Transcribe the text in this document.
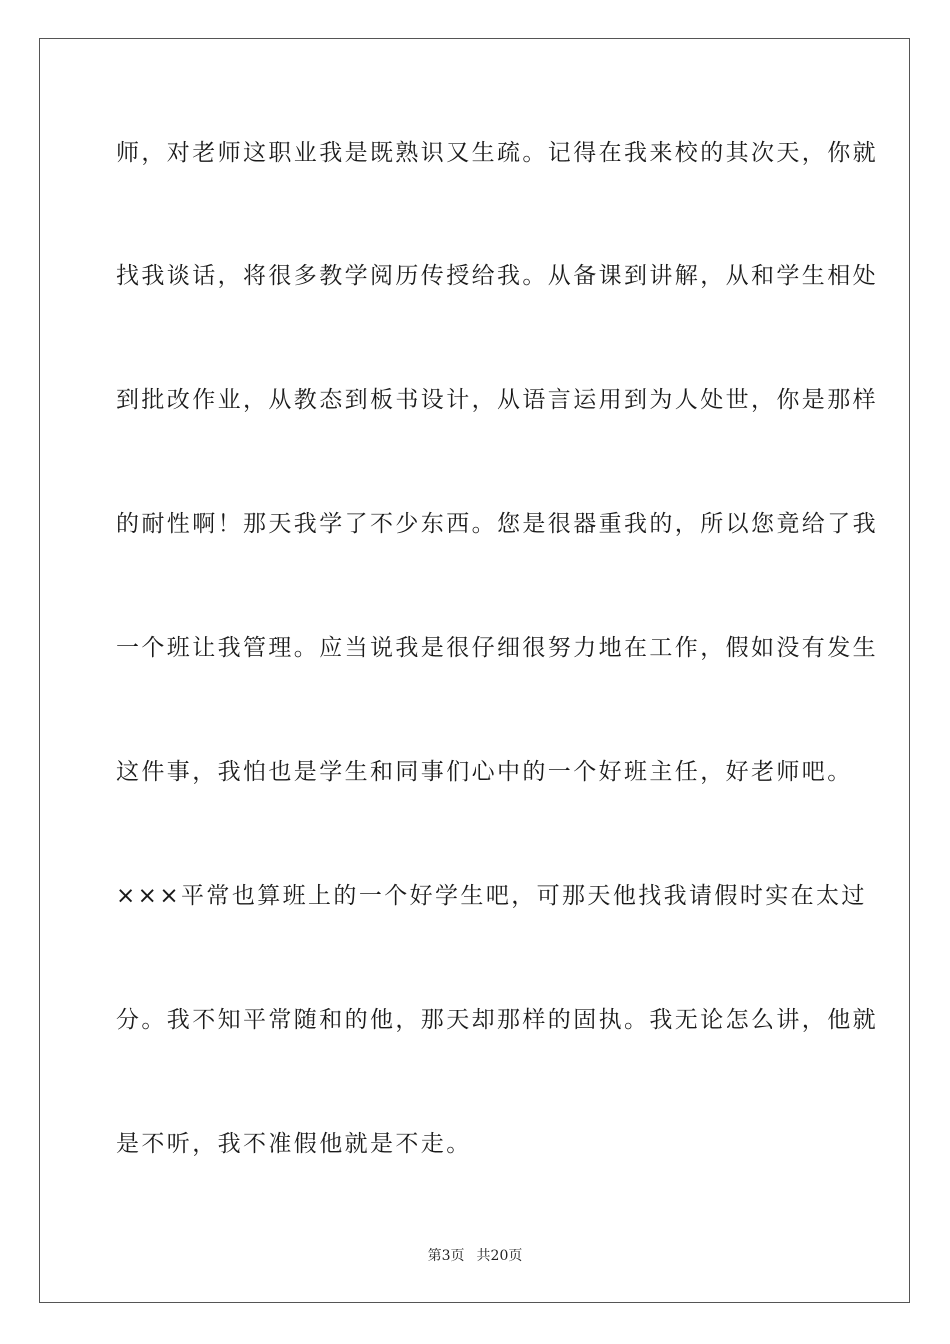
师，对老师这职业我是既熟识又生疏。记得在我来校的其次天，你就
找我谈话，将很多教学阅历传授给我。从备课到讲解，从和学生相处
到批改作业，从教态到板书设计，从语言运用到为人处世，你是那样
的耐性啊！那天我学了不少东西。您是很器重我的，所以您竟给了我
一个班让我管理。应当说我是很仔细很努力地在工作，假如没有发生
这件事，我怕也是学生和同事们心中的一个好班主任，好老师吧。
×××平常也算班上的一个好学生吧，可那天他找我请假时实在太过
分。我不知平常随和的他，那天却那样的固执。我无论怎么讲，他就
是不听，我不准假他就是不走。
第3页 共20页
